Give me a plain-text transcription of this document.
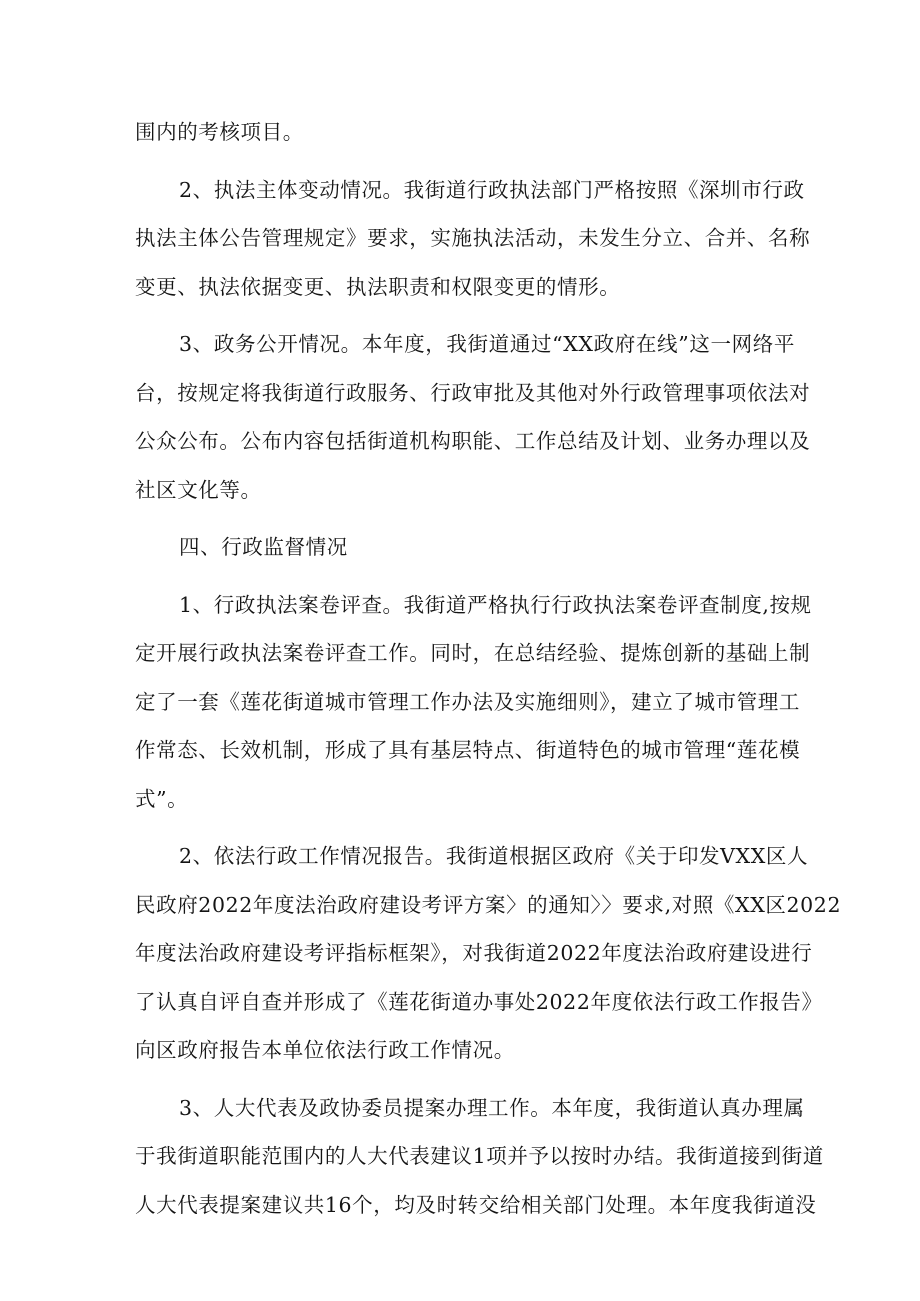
围内的考核项目。

2、执法主体变动情况。我街道行政执法部门严格按照《深圳市行政
执法主体公告管理规定》要求，实施执法活动，未发生分立、合并、名称
变更、执法依据变更、执法职责和权限变更的情形。

3、政务公开情况。本年度，我街道通过“XX政府在线”这一网络平
台，按规定将我街道行政服务、行政审批及其他对外行政管理事项依法对
公众公布。公布内容包括街道机构职能、工作总结及计划、业务办理以及
社区文化等。

四、行政监督情况

1、行政执法案卷评查。我街道严格执行行政执法案卷评查制度,按规
定开展行政执法案卷评查工作。同时，在总结经验、提炼创新的基础上制
定了一套《莲花街道城市管理工作办法及实施细则》，建立了城市管理工
作常态、长效机制，形成了具有基层特点、街道特色的城市管理“莲花模
式”。

2、依法行政工作情况报告。我街道根据区政府《关于印发VXX区人
民政府2022年度法治政府建设考评方案〉的通知〉〉要求,对照《XX区2022
年度法治政府建设考评指标框架》，对我街道2022年度法治政府建设进行
了认真自评自查并形成了《莲花街道办事处2022年度依法行政工作报告》
向区政府报告本单位依法行政工作情况。

3、人大代表及政协委员提案办理工作。本年度，我街道认真办理属
于我街道职能范围内的人大代表建议1项并予以按时办结。我街道接到街道
人大代表提案建议共16个，均及时转交给相关部门处理。本年度我街道没
